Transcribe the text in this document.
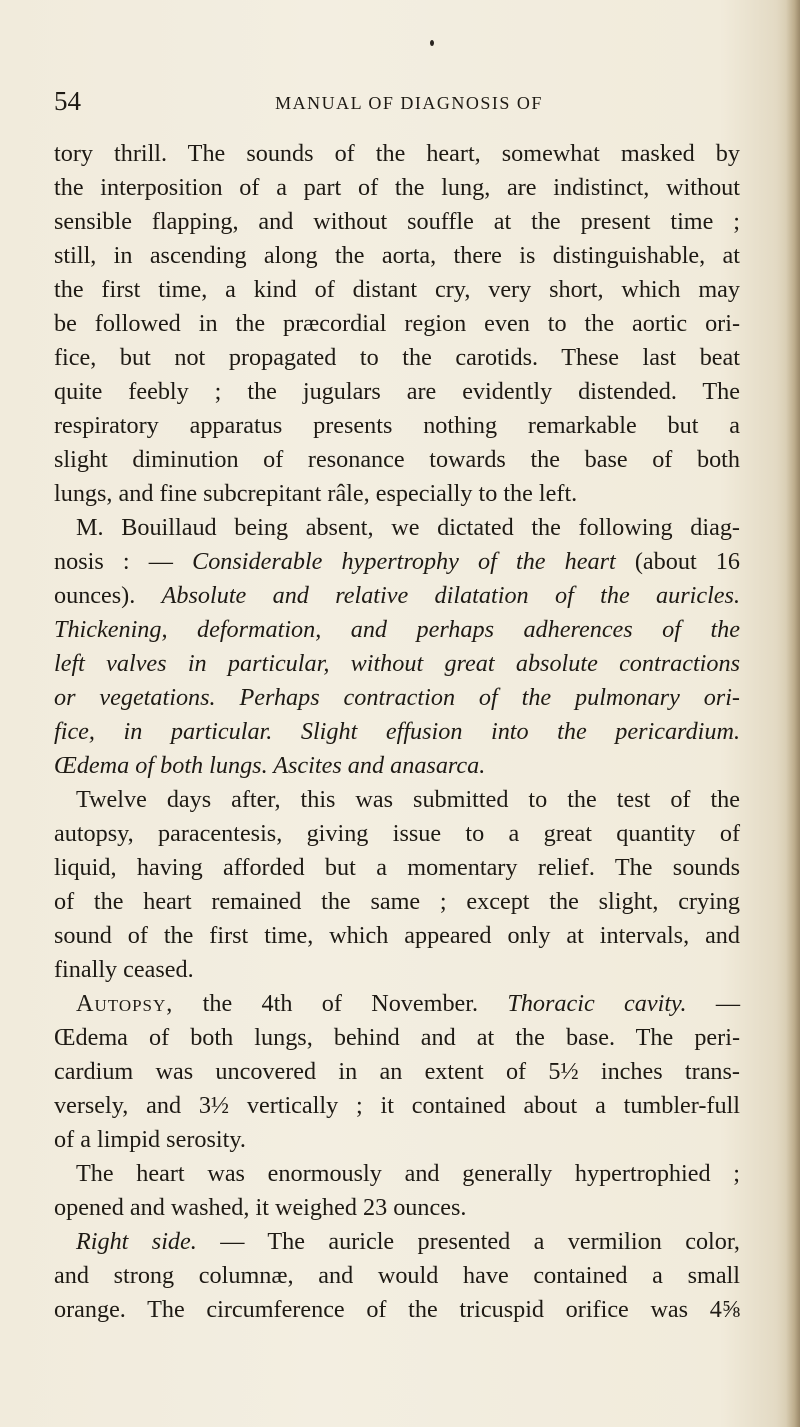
54	MANUAL OF DIAGNOSIS OF
tory thrill. The sounds of the heart, somewhat masked by
the interposition of a part of the lung, are indistinct, without
sensible flapping, and without souffle at the present time ;
still, in ascending along the aorta, there is distinguishable, at
the first time, a kind of distant cry, very short, which may
be followed in the præcordial region even to the aortic ori-
fice, but not propagated to the carotids. These last beat
quite feebly ; the jugulars are evidently distended. The
respiratory apparatus presents nothing remarkable but a
slight diminution of resonance towards the base of both
lungs, and fine subcrepitant râle, especially to the left.
M. Bouillaud being absent, we dictated the following diag-
nosis : — Considerable hypertrophy of the heart (about 16
ounces). Absolute and relative dilatation of the auricles.
Thickening, deformation, and perhaps adherences of the
left valves in particular, without great absolute contractions
or vegetations. Perhaps contraction of the pulmonary ori-
fice, in particular. Slight effusion into the pericardium.
Œdema of both lungs. Ascites and anasarca.
Twelve days after, this was submitted to the test of the
autopsy, paracentesis, giving issue to a great quantity of
liquid, having afforded but a momentary relief. The sounds
of the heart remained the same ; except the slight, crying
sound of the first time, which appeared only at intervals, and
finally ceased.
Autopsy, the 4th of November. Thoracic cavity. —
Œdema of both lungs, behind and at the base. The peri-
cardium was uncovered in an extent of 5½ inches trans-
versely, and 3½ vertically ; it contained about a tumbler-full
of a limpid serosity.
The heart was enormously and generally hypertrophied ;
opened and washed, it weighed 23 ounces.
Right side. — The auricle presented a vermilion color,
and strong columnæ, and would have contained a small
orange. The circumference of the tricuspid orifice was 4⅝
